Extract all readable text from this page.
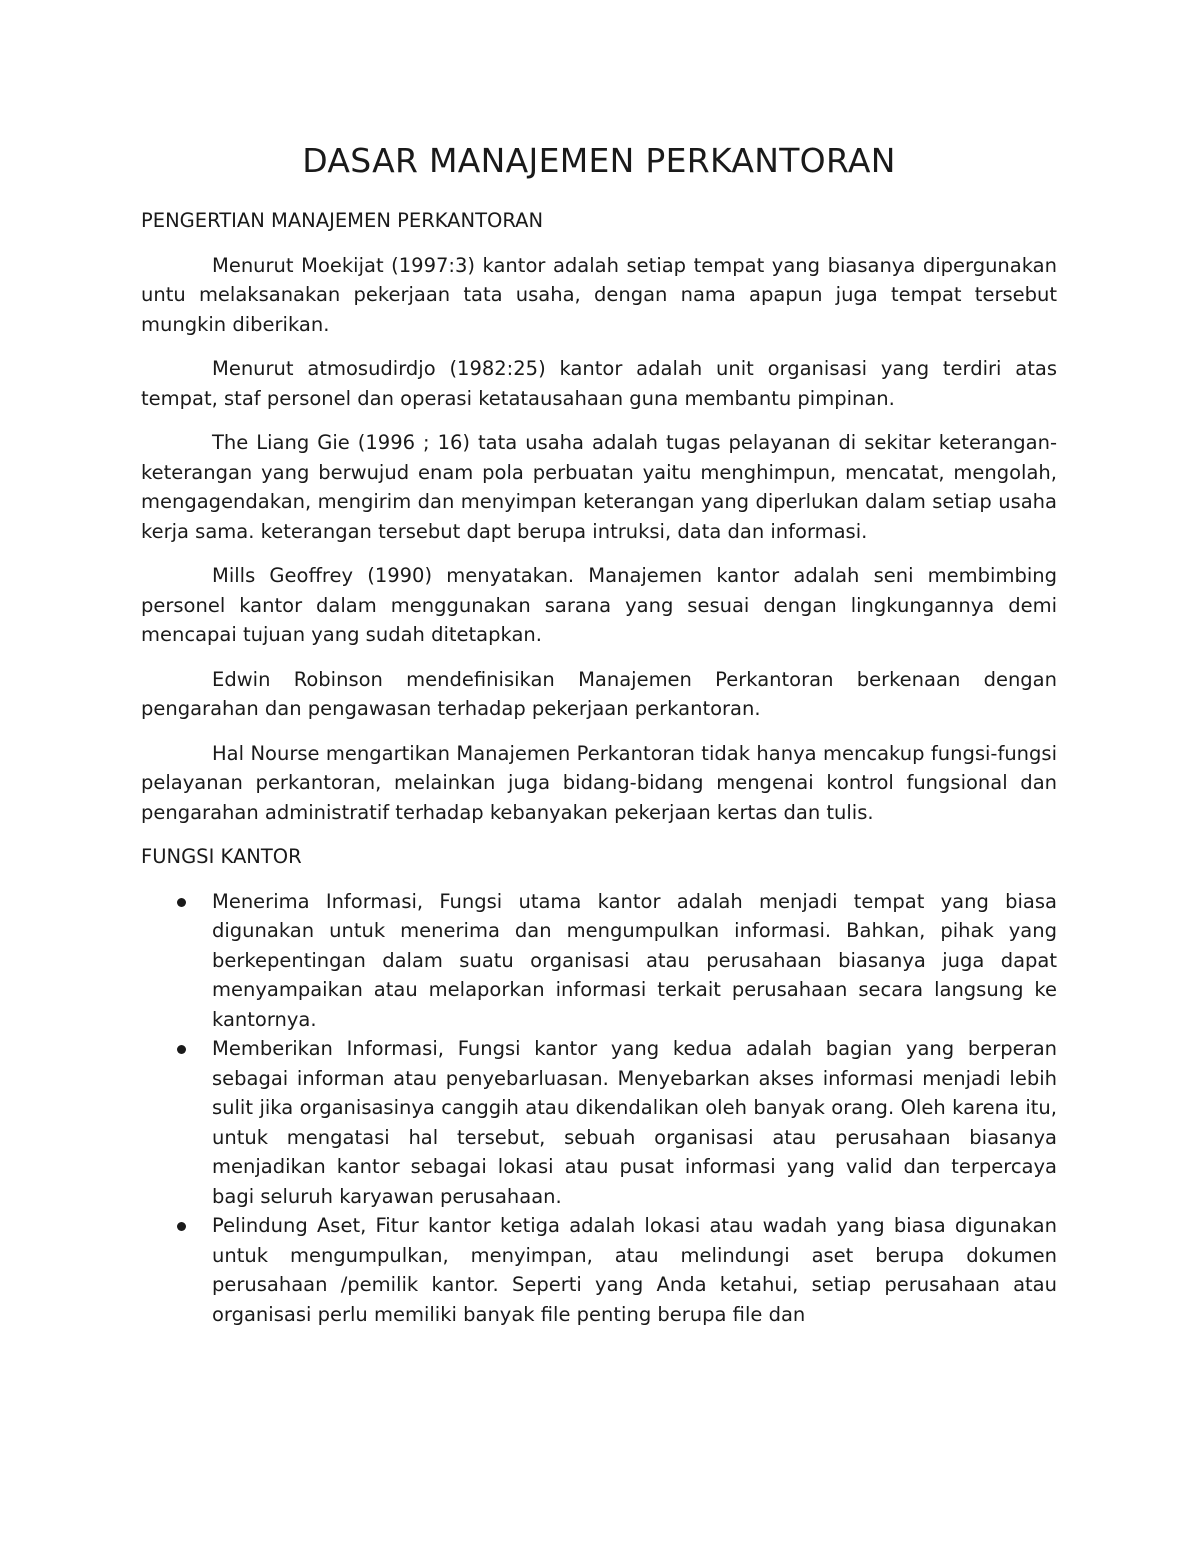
DASAR MANAJEMEN PERKANTORAN
PENGERTIAN MANAJEMEN PERKANTORAN

Menurut Moekijat (1997:3) kantor adalah setiap tempat yang biasanya dipergunakan untu melaksanakan pekerjaan tata usaha, dengan nama apapun juga tempat tersebut mungkin diberikan.

Menurut atmosudirdjo (1982:25) kantor adalah unit organisasi yang terdiri atas tempat, staf personel dan operasi ketatausahaan guna membantu pimpinan.

The Liang Gie (1996 ; 16) tata usaha adalah tugas pelayanan di sekitar keterangan-keterangan yang berwujud enam pola perbuatan yaitu menghimpun, mencatat, mengolah, mengagendakan, mengirim dan menyimpan keterangan yang diperlukan dalam setiap usaha kerja sama. keterangan tersebut dapt berupa intruksi, data dan informasi.

Mills Geoffrey (1990) menyatakan. Manajemen kantor adalah seni membimbing personel kantor dalam menggunakan sarana yang sesuai dengan lingkungannya demi mencapai tujuan yang sudah ditetapkan.

Edwin Robinson mendefinisikan Manajemen Perkantoran berkenaan dengan pengarahan dan pengawasan terhadap pekerjaan perkantoran.

Hal Nourse mengartikan Manajemen Perkantoran tidak hanya mencakup fungsi-fungsi pelayanan perkantoran, melainkan juga bidang-bidang mengenai kontrol fungsional dan pengarahan administratif terhadap kebanyakan pekerjaan kertas dan tulis.

FUNGSI KANTOR
Menerima Informasi, Fungsi utama kantor adalah menjadi tempat yang biasa digunakan untuk menerima dan mengumpulkan informasi. Bahkan, pihak yang berkepentingan dalam suatu organisasi atau perusahaan biasanya juga dapat menyampaikan atau melaporkan informasi terkait perusahaan secara langsung ke kantornya.
Memberikan Informasi, Fungsi kantor yang kedua adalah bagian yang berperan sebagai informan atau penyebarluasan. Menyebarkan akses informasi menjadi lebih sulit jika organisasinya canggih atau dikendalikan oleh banyak orang. Oleh karena itu, untuk mengatasi hal tersebut, sebuah organisasi atau perusahaan biasanya menjadikan kantor sebagai lokasi atau pusat informasi yang valid dan terpercaya bagi seluruh karyawan perusahaan.
Pelindung Aset, Fitur kantor ketiga adalah lokasi atau wadah yang biasa digunakan untuk mengumpulkan, menyimpan, atau melindungi aset berupa dokumen perusahaan /pemilik kantor. Seperti yang Anda ketahui, setiap perusahaan atau organisasi perlu memiliki banyak file penting berupa file dan
